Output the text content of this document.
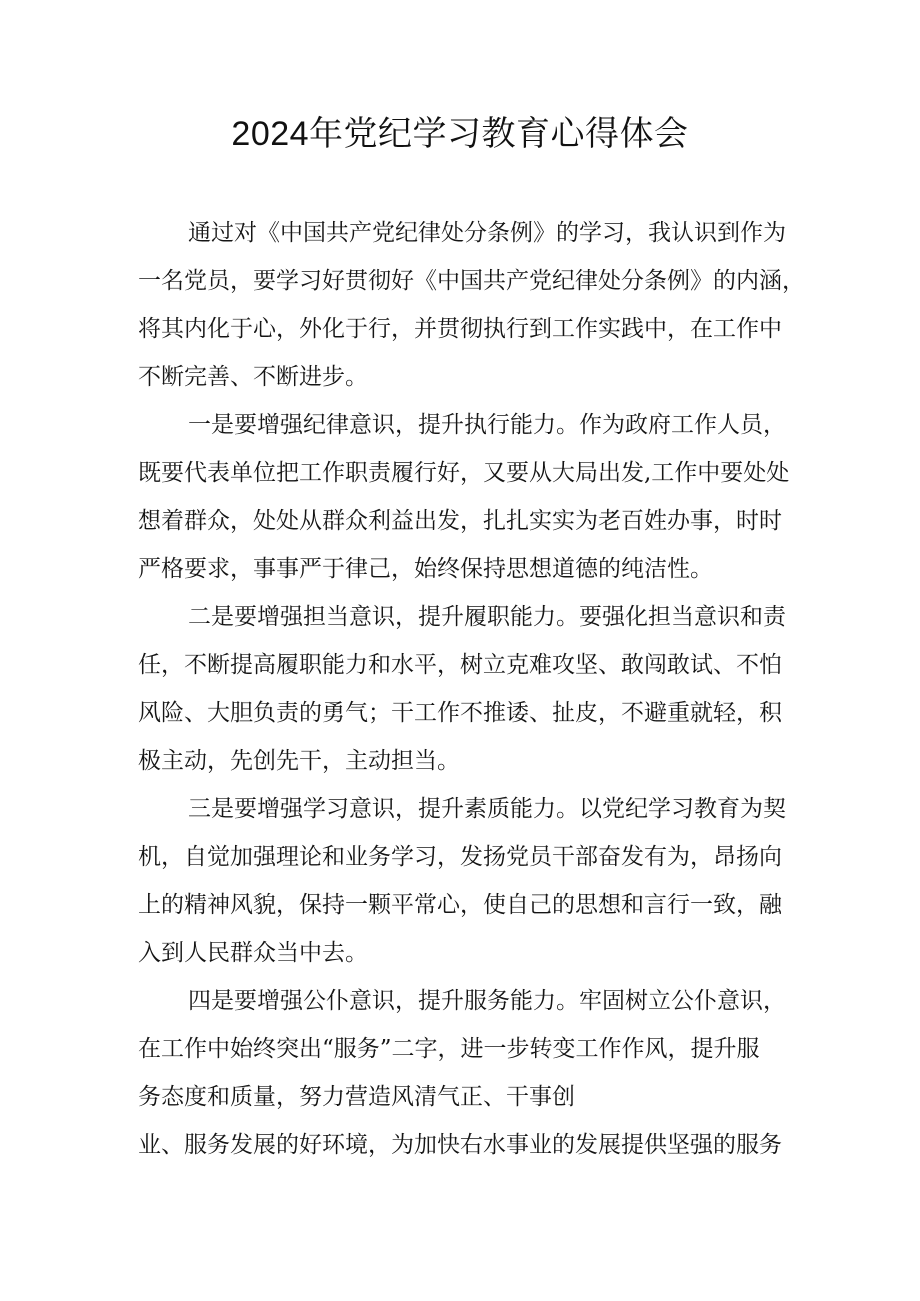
2024年党纪学习教育心得体会
通过对《中国共产党纪律处分条例》的学习，我认识到作为
一名党员，要学习好贯彻好《中国共产党纪律处分条例》的内涵，
将其内化于心，外化于行，并贯彻执行到工作实践中，在工作中
不断完善、不断进步。
一是要增强纪律意识，提升执行能力。作为政府工作人员，
既要代表单位把工作职责履行好，又要从大局出发,工作中要处处
想着群众，处处从群众利益出发，扎扎实实为老百姓办事，时时
严格要求，事事严于律己，始终保持思想道德的纯洁性。
二是要增强担当意识，提升履职能力。要强化担当意识和责
任，不断提高履职能力和水平，树立克难攻坚、敢闯敢试、不怕
风险、大胆负责的勇气；干工作不推诿、扯皮，不避重就轻，积
极主动，先创先干，主动担当。
三是要增强学习意识，提升素质能力。以党纪学习教育为契
机，自觉加强理论和业务学习，发扬党员干部奋发有为，昂扬向
上的精神风貌，保持一颗平常心，使自己的思想和言行一致，融
入到人民群众当中去。
四是要增强公仆意识，提升服务能力。牢固树立公仆意识，
在工作中始终突出“服务”二字，进一步转变工作作风，提升服
务态度和质量，努力营造风清气正、干事创
业、服务发展的好环境，为加快右水事业的发展提供坚强的服务
